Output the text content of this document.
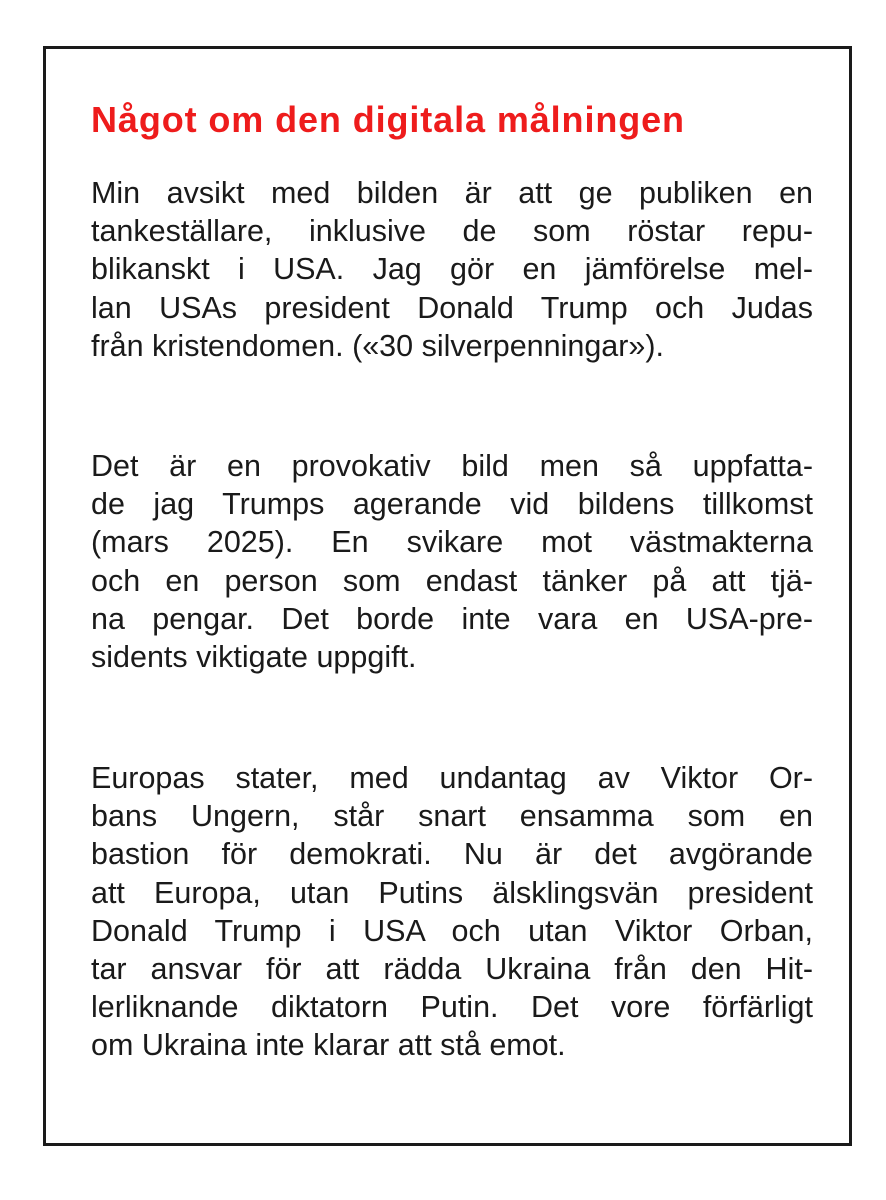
Något om den digitala målningen

Min avsikt med bilden är att ge publiken en
tankeställare, inklusive de som röstar repu-
blikanskt i USA. Jag gör en jämförelse mel-
lan USAs president Donald Trump och Judas
från kristendomen. («30 silverpenningar»).

Det är en provokativ bild men så uppfatta-
de jag Trumps agerande vid bildens tillkomst
(mars 2025). En svikare mot västmakterna
och en person som endast tänker på att tjä-
na pengar. Det borde inte vara en USA-pre-
sidents viktigate uppgift.

Europas stater, med undantag av Viktor Or-
bans Ungern, står snart ensamma som en
bastion för demokrati. Nu är det avgörande
att Europa, utan Putins älsklingsvän president
Donald Trump i USA och utan Viktor Orban,
tar ansvar för att rädda Ukraina från den Hit-
lerliknande diktatorn Putin. Det vore förfärligt
om Ukraina inte klarar att stå emot.
